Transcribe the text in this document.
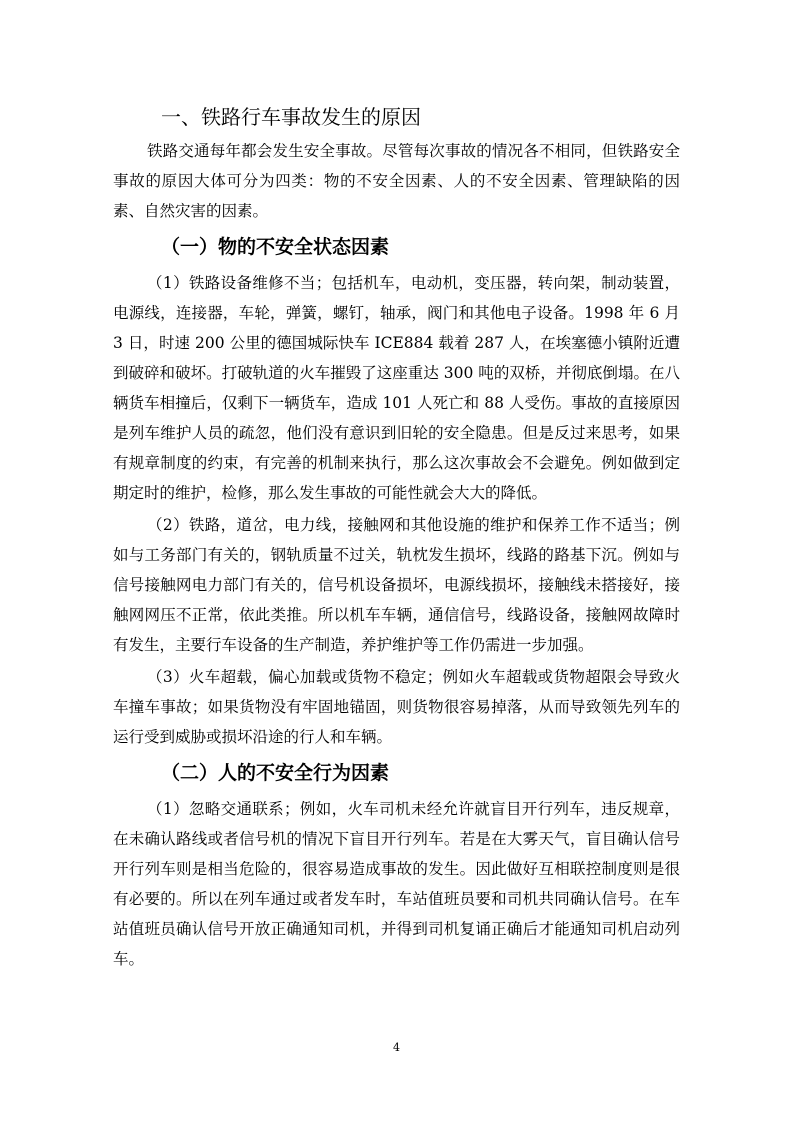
一、铁路行车事故发生的原因

铁路交通每年都会发生安全事故。尽管每次事故的情况各不相同，但铁路安全事故的原因大体可分为四类：物的不安全因素、人的不安全因素、管理缺陷的因素、自然灾害的因素。

（一）物的不安全状态因素

（1）铁路设备维修不当；包括机车，电动机，变压器，转向架，制动装置，电源线，连接器，车轮，弹簧，螺钉，轴承，阀门和其他电子设备。1998 年 6 月 3 日，时速 200 公里的德国城际快车 ICE884 载着 287 人，在埃塞德小镇附近遭到破碎和破坏。打破轨道的火车摧毁了这座重达 300 吨的双桥，并彻底倒塌。在八辆货车相撞后，仅剩下一辆货车，造成 101 人死亡和 88 人受伤。事故的直接原因是列车维护人员的疏忽，他们没有意识到旧轮的安全隐患。但是反过来思考，如果有规章制度的约束，有完善的机制来执行，那么这次事故会不会避免。例如做到定期定时的维护，检修，那么发生事故的可能性就会大大的降低。

（2）铁路，道岔，电力线，接触网和其他设施的维护和保养工作不适当；例如与工务部门有关的，钢轨质量不过关，轨枕发生损坏，线路的路基下沉。例如与信号接触网电力部门有关的，信号机设备损坏，电源线损坏，接触线未搭接好，接触网网压不正常，依此类推。所以机车车辆，通信信号，线路设备，接触网故障时有发生，主要行车设备的生产制造，养护维护等工作仍需进一步加强。

（3）火车超载，偏心加载或货物不稳定；例如火车超载或货物超限会导致火车撞车事故；如果货物没有牢固地锚固，则货物很容易掉落，从而导致领先列车的运行受到威胁或损坏沿途的行人和车辆。

（二）人的不安全行为因素

（1）忽略交通联系；例如，火车司机未经允许就盲目开行列车，违反规章，在未确认路线或者信号机的情况下盲目开行列车。若是在大雾天气，盲目确认信号开行列车则是相当危险的，很容易造成事故的发生。因此做好互相联控制度则是很有必要的。所以在列车通过或者发车时，车站值班员要和司机共同确认信号。在车站值班员确认信号开放正确通知司机，并得到司机复诵正确后才能通知司机启动列车。

4
